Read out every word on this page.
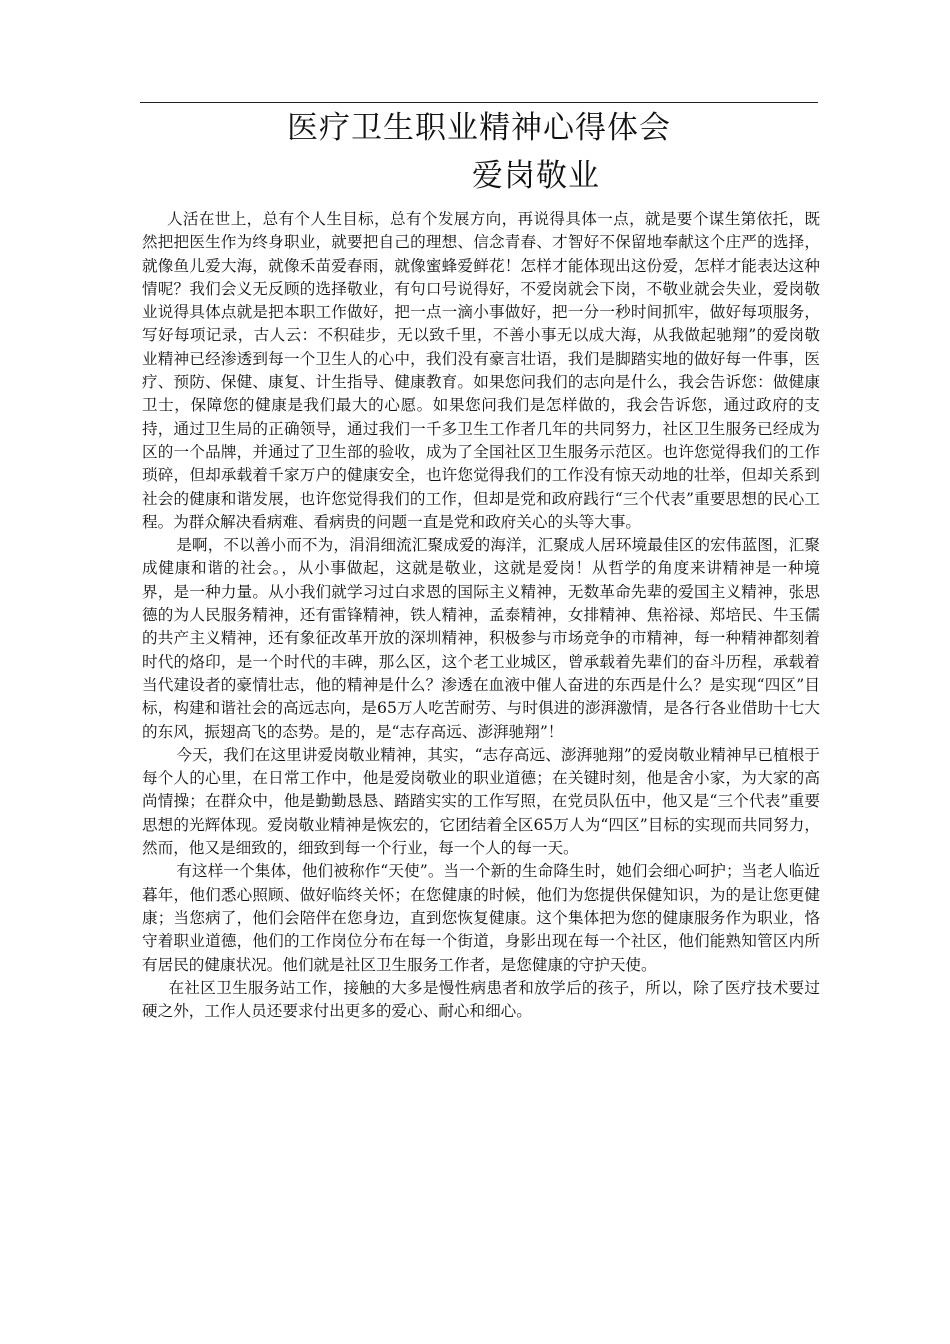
医疗卫生职业精神心得体会
爱岗敬业

人活在世上，总有个人生目标，总有个发展方向，再说得具体一点，就是要个谋生第依托，既然把把医生作为终身职业，就要把自己的理想、信念青春、才智好不保留地奉献这个庄严的选择，就像鱼儿爱大海，就像禾苗爱春雨，就像蜜蜂爱鲜花！怎样才能体现出这份爱，怎样才能表达这种情呢？我们会义无反顾的选择敬业，有句口号说得好，不爱岗就会下岗，不敬业就会失业，爱岗敬业说得具体点就是把本职工作做好，把一点一滴小事做好，把一分一秒时间抓牢，做好每项服务，写好每项记录，古人云：不积硅步，无以致千里，不善小事无以成大海，从我做起驰翔”的爱岗敬业精神已经渗透到每一个卫生人的心中，我们没有豪言壮语，我们是脚踏实地的做好每一件事，医疗、预防、保健、康复、计生指导、健康教育。如果您问我们的志向是什么，我会告诉您：做健康卫士，保障您的健康是我们最大的心愿。如果您问我们是怎样做的，我会告诉您，通过政府的支持，通过卫生局的正确领导，通过我们一千多卫生工作者几年的共同努力，社区卫生服务已经成为区的一个品牌，并通过了卫生部的验收，成为了全国社区卫生服务示范区。也许您觉得我们的工作琐碎，但却承载着千家万户的健康安全，也许您觉得我们的工作没有惊天动地的壮举，但却关系到社会的健康和谐发展，也许您觉得我们的工作，但却是党和政府践行“三个代表”重要思想的民心工程。为群众解决看病难、看病贵的问题一直是党和政府关心的头等大事。

是啊，不以善小而不为，涓涓细流汇聚成爱的海洋，汇聚成人居环境最佳区的宏伟蓝图，汇聚成健康和谐的社会。，从小事做起，这就是敬业，这就是爱岗！从哲学的角度来讲精神是一种境界，是一种力量。从小我们就学习过白求恩的国际主义精神，无数革命先辈的爱国主义精神，张思德的为人民服务精神，还有雷锋精神，铁人精神，孟泰精神，女排精神、焦裕禄、郑培民、牛玉儒的共产主义精神，还有象征改革开放的深圳精神，积极参与市场竞争的市精神，每一种精神都刻着时代的烙印，是一个时代的丰碑，那么区，这个老工业城区，曾承载着先辈们的奋斗历程，承载着当代建设者的豪情壮志，他的精神是什么？渗透在血液中催人奋进的东西是什么？是实现“四区”目标，构建和谐社会的高远志向，是65万人吃苦耐劳、与时俱进的澎湃激情，是各行各业借助十七大的东风，振翅高飞的态势。是的，是“志存高远、澎湃驰翔”！

今天，我们在这里讲爱岗敬业精神，其实，“志存高远、澎湃驰翔”的爱岗敬业精神早已植根于每个人的心里，在日常工作中，他是爱岗敬业的职业道德；在关键时刻，他是舍小家，为大家的高尚情操；在群众中，他是勤勤恳恳、踏踏实实的工作写照，在党员队伍中，他又是“三个代表”重要思想的光辉体现。爱岗敬业精神是恢宏的，它团结着全区65万人为“四区”目标的实现而共同努力，然而，他又是细致的，细致到每一个行业，每一个人的每一天。

有这样一个集体，他们被称作“天使”。当一个新的生命降生时，她们会细心呵护；当老人临近暮年，他们悉心照顾、做好临终关怀；在您健康的时候，他们为您提供保健知识，为的是让您更健康；当您病了，他们会陪伴在您身边，直到您恢复健康。这个集体把为您的健康服务作为职业，恪守着职业道德，他们的工作岗位分布在每一个街道，身影出现在每一个社区，他们能熟知管区内所有居民的健康状况。他们就是社区卫生服务工作者，是您健康的守护天使。

在社区卫生服务站工作，接触的大多是慢性病患者和放学后的孩子，所以，除了医疗技术要过硬之外，工作人员还要求付出更多的爱心、耐心和细心。
